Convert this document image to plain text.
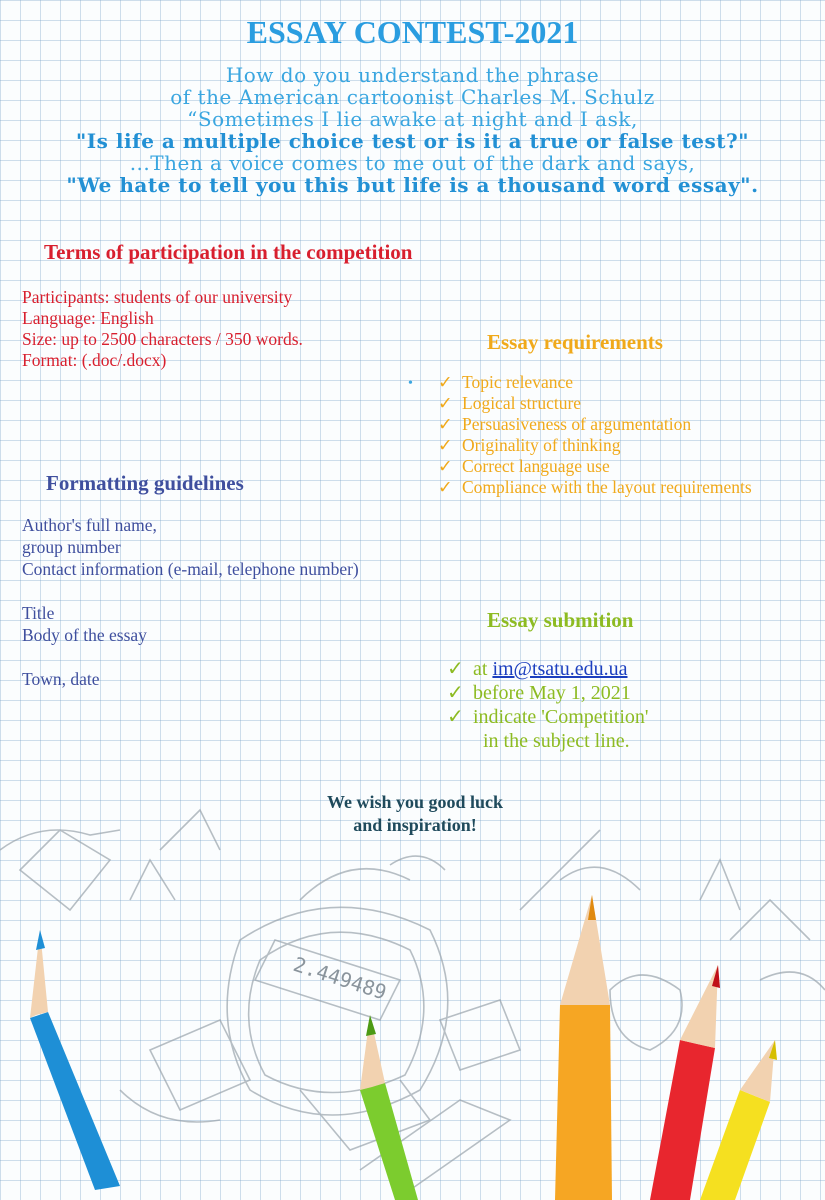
ESSAY CONTEST-2021
How do you understand the phrase
of the American cartoonist Charles M. Schulz
“Sometimes I lie awake at night and I ask,
"Is life a multiple choice test or is it a true or false test?"
...Then a voice comes to me out of the dark and says,
"We hate to tell you this but life is a thousand word essay".
Terms of participation in the competition
Participants: students of our university
Language: English
Size: up to 2500 characters / 350 words.
Format: (.doc/.docx)
Essay requirements
• ✓ Topic relevance
✓ Logical structure
✓ Persuasiveness of argumentation
✓ Originality of thinking
✓ Correct language use
✓ Compliance with the layout requirements
Formatting guidelines
Author's full name,
group number
Contact information (e-mail, telephone number)
Title
Body of the essay
Town, date
Essay submition
✓ at im@tsatu.edu.ua
✓ before May 1, 2021
✓ indicate 'Competition'
in the subject line.
We wish you good luck
and inspiration!
2.449489
